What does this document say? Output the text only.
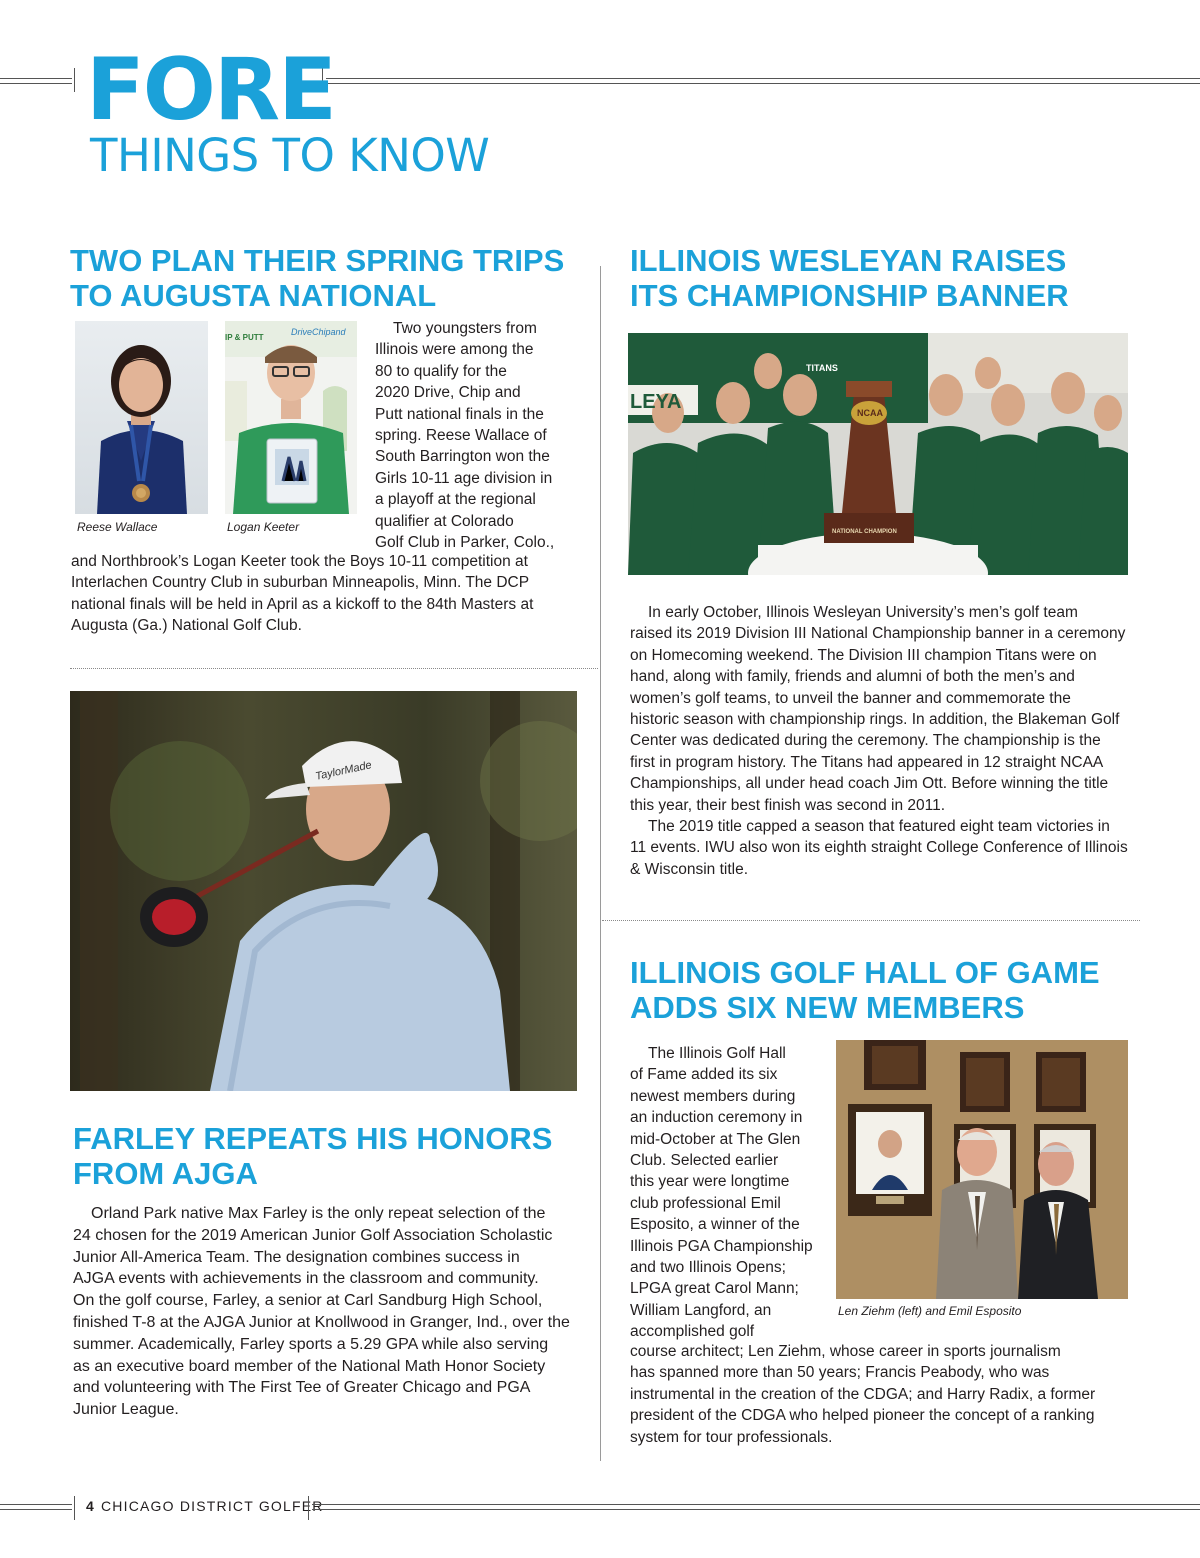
FORE
THINGS TO KNOW
TWO PLAN THEIR SPRING TRIPS
TO AUGUSTA NATIONAL
Reese Wallace
DriveChipand
IP & PUTT
Logan Keeter
Two youngsters from
Illinois were among the
80 to qualify for the
2020 Drive, Chip and
Putt national finals in the
spring. Reese Wallace of
South Barrington won the
Girls 10-11 age division in
a playoff at the regional
qualifier at Colorado
Golf Club in Parker, Colo.,
and Northbrook’s Logan Keeter took the Boys 10-11 competition at
Interlachen Country Club in suburban Minneapolis, Minn. The DCP
national finals will be held in April as a kickoff to the 84th Masters at
Augusta (Ga.) National Golf Club.
TaylorMade
FARLEY REPEATS HIS HONORS
FROM AJGA
Orland Park native Max Farley is the only repeat selection of the
24 chosen for the 2019 American Junior Golf Association Scholastic
Junior All-America Team. The designation combines success in
AJGA events with achievements in the classroom and community.
On the golf course, Farley, a senior at Carl Sandburg High School,
finished T-8 at the AJGA Junior at Knollwood in Granger, Ind., over the
summer. Academically, Farley sports a 5.29 GPA while also serving
as an executive board member of the National Math Honor Society
and volunteering with The First Tee of Greater Chicago and PGA
Junior League.
ILLINOIS WESLEYAN RAISES
ITS CHAMPIONSHIP BANNER
TITANS
LEYA	NCAA
NATIONAL CHAMPION
In early October, Illinois Wesleyan University’s men’s golf team
raised its 2019 Division III National Championship banner in a ceremony
on Homecoming weekend. The Division III champion Titans were on
hand, along with family, friends and alumni of both the men’s and
women’s golf teams, to unveil the banner and commemorate the
historic season with championship rings. In addition, the Blakeman Golf
Center was dedicated during the ceremony. The championship is the
first in program history. The Titans had appeared in 12 straight NCAA
Championships, all under head coach Jim Ott. Before winning the title
this year, their best finish was second in 2011.
The 2019 title capped a season that featured eight team victories in
11 events. IWU also won its eighth straight College Conference of Illinois
& Wisconsin title.
ILLINOIS GOLF HALL OF GAME
ADDS SIX NEW MEMBERS
Len Ziehm (left) and Emil Esposito
The Illinois Golf Hall
of Fame added its six
newest members during
an induction ceremony in
mid-October at The Glen
Club. Selected earlier
this year were longtime
club professional Emil
Esposito, a winner of the
Illinois PGA Championship
and two Illinois Opens;
LPGA great Carol Mann;
William Langford, an
accomplished golf
course architect; Len Ziehm, whose career in sports journalism
has spanned more than 50 years; Francis Peabody, who was
instrumental in the creation of the CDGA; and Harry Radix, a former
president of the CDGA who helped pioneer the concept of a ranking
system for tour professionals.
4 CHICAGO DISTRICT GOLFER
